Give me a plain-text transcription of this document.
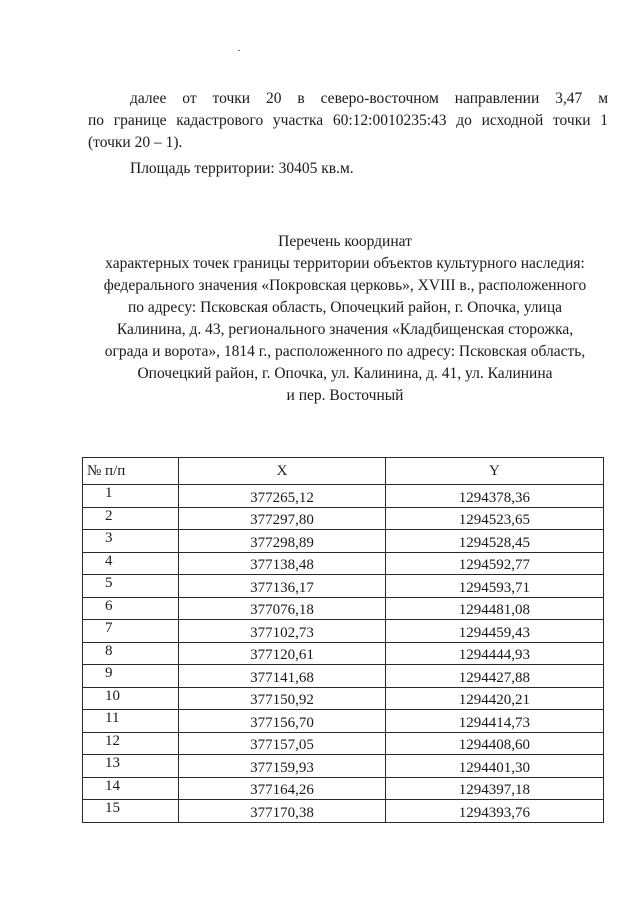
далее от точки 20 в северо-восточном направлении 3,47 м
по границе кадастрового участка 60:12:0010235:43 до исходной точки 1
(точки 20 – 1).
Площадь территории: 30405 кв.м.
Перечень координат
характерных точек границы территории объектов культурного наследия:
федерального значения «Покровская церковь», XVIII в., расположенного
по адресу: Псковская область, Опочецкий район, г. Опочка, улица
Калинина, д. 43, регионального значения «Кладбищенская сторожка,
ограда и ворота», 1814 г., расположенного по адресу: Псковская область,
Опочецкий район, г. Опочка, ул. Калинина, д. 41, ул. Калинина
и пер. Восточный
№ п/п	X	Y
1	377265,12	1294378,36
2	377297,80	1294523,65
3	377298,89	1294528,45
4	377138,48	1294592,77
5	377136,17	1294593,71
6	377076,18	1294481,08
7	377102,73	1294459,43
8	377120,61	1294444,93
9	377141,68	1294427,88
10	377150,92	1294420,21
11	377156,70	1294414,73
12	377157,05	1294408,60
13	377159,93	1294401,30
14	377164,26	1294397,18
15	377170,38	1294393,76
